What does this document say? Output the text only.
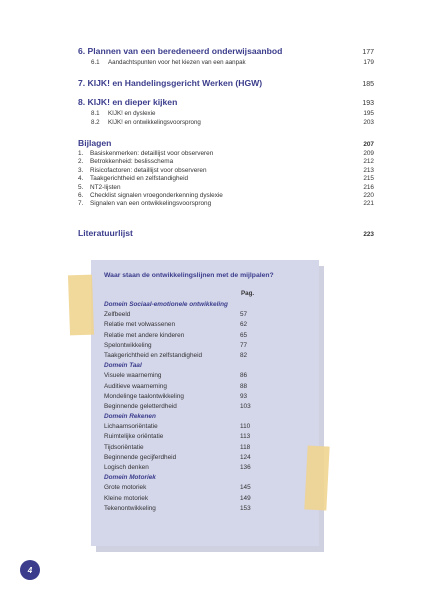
6. Plannen van een beredeneerd onderwijsaanbod	177
6.1 Aandachtspunten voor het kiezen van een aanpak	179
7. KIJK! en Handelingsgericht Werken (HGW)	185
8. KIJK! en dieper kijken	193
8.1 KIJK! en dyslexie	195
8.2 KIJK! en ontwikkelingsvoorsprong	203
Bijlagen	207
1. Basiskenmerken: detaillijst voor observeren	209
2. Betrokkenheid: beslisschema	212
3. Risicofactoren: detaillijst voor observeren	213
4. Taakgerichtheid en zelfstandigheid	215
5. NT2-lijsten	216
6. Checklist signalen vroegonderkenning dyslexie	220
7. Signalen van een ontwikkelingsvoorsprong	221
Literatuurlijst	223
Waar staan de ontwikkelingslijnen met de mijlpalen?
Pag.
Domein Sociaal-emotionele ontwikkeling
Zelfbeeld	57
Relatie met volwassenen	62
Relatie met andere kinderen	65
Spelontwikkeling	77
Taakgerichtheid en zelfstandigheid	82
Domein Taal
Visuele waarneming	86
Auditieve waarneming	88
Mondelinge taalontwikkeling	93
Beginnende geletterdheid	103
Domein Rekenen
Lichaamsoriëntatie	110
Ruimtelijke oriëntatie	113
Tijdsoriëntatie	118
Beginnende gecijferdheid	124
Logisch denken	136
Domein Motoriek
Grote motoriek	145
Kleine motoriek	149
Tekenontwikkeling	153
4
